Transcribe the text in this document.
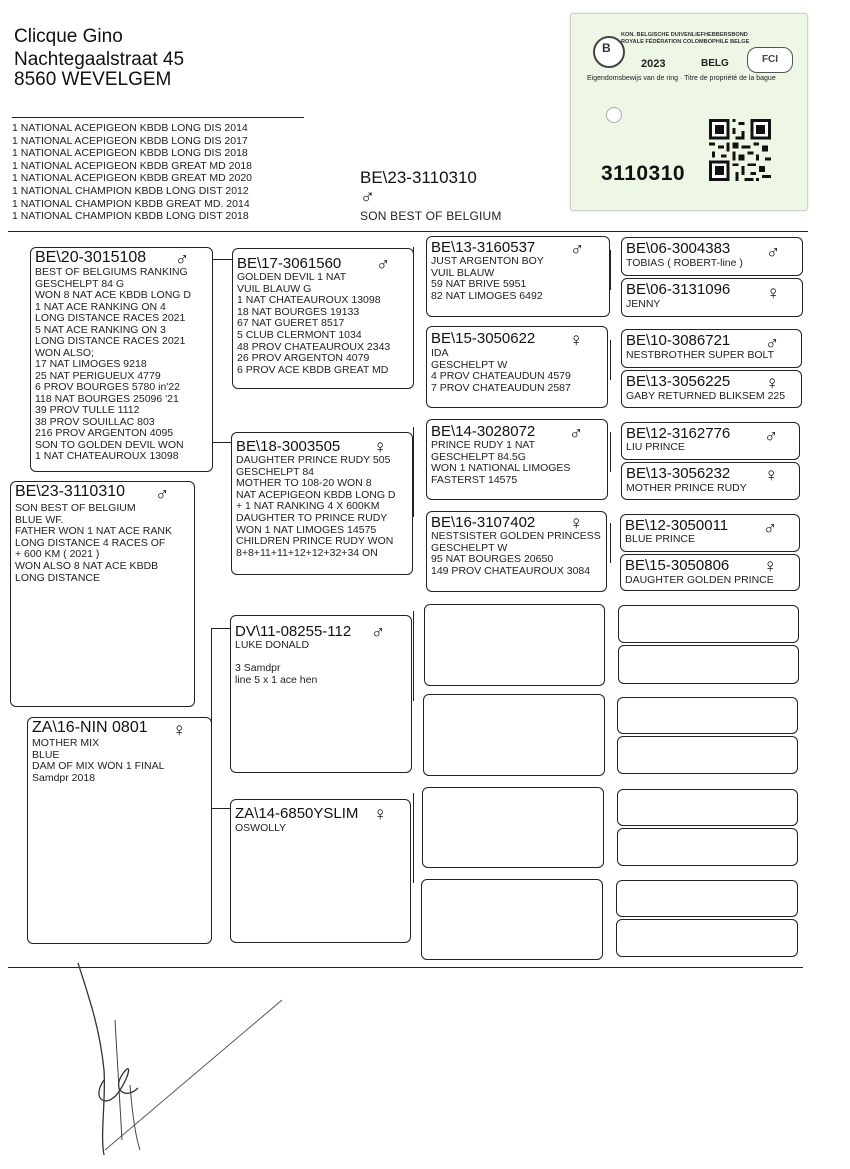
Clicque Gino
Nachtegaalstraat 45
8560 WEVELGEM
1 NATIONAL ACEPIGEON KBDB LONG DIS 2014
1 NATIONAL ACEPIGEON KBDB LONG DIS 2017
1 NATIONAL ACEPIGEON KBDB LONG DIS 2018
1 NATIONAL ACEPIGEON KBDB GREAT MD 2018
1 NATIONAL ACEPIGEON KBDB GREAT MD 2020
1 NATIONAL CHAMPION KBDB LONG DIST 2012
1 NATIONAL CHAMPION KBDB GREAT MD. 2014
1 NATIONAL CHAMPION KBDB LONG DIST 2018
BE\23-3110310
♂
SON BEST OF BELGIUM
B
KON. BELGISCHE DUIVENLIEFHEBBERSBOND
ROYALE FÉDÉRATION COLOMBOPHILE BELGE
2023	BELG	FCI
Eigendomsbewijs van de ring · Titre de propriété de la bague
3110310
BE\23-3110310 ♂
SON BEST OF BELGIUM
BLUE WF.
FATHER WON 1 NAT ACE RANK
LONG DISTANCE 4 RACES OF
+ 600 KM ( 2021 )
WON ALSO 8 NAT ACE KBDB
LONG DISTANCE
BE\20-3015108 ♂
BEST OF BELGIUMS RANKING
GESCHELPT 84 G
WON 8 NAT ACE KBDB LONG D
1 NAT ACE RANKING ON 4
LONG DISTANCE RACES 2021
5 NAT ACE RANKING ON 3
LONG DISTANCE RACES 2021
WON ALSO;
17 NAT LIMOGES 9218
25 NAT PERIGUEUX 4779
6 PROV BOURGES 5780 in'22
118 NAT BOURGES 25096 '21
39 PROV TULLE 1112
38 PROV SOUILLAC 803
216 PROV ARGENTON 4095
SON TO GOLDEN DEVIL WON
1 NAT CHATEAUROUX 13098
ZA\16-NIN 0801 ♀
MOTHER MIX
BLUE
DAM OF MIX WON 1 FINAL
Samdpr 2018
BE\17-3061560 ♂
GOLDEN DEVIL 1 NAT
VUIL BLAUW G
1 NAT CHATEAUROUX 13098
18 NAT BOURGES 19133
67 NAT GUERET 8517
5 CLUB CLERMONT 1034
48 PROV CHATEAUROUX 2343
26 PROV ARGENTON 4079
6 PROV ACE KBDB GREAT MD
BE\18-3003505 ♀
DAUGHTER PRINCE RUDY 505
GESCHELPT 84
MOTHER TO 108-20 WON 8
NAT ACEPIGEON KBDB LONG D
+ 1 NAT RANKING 4 X 600KM
DAUGHTER TO PRINCE RUDY
WON 1 NAT LIMOGES 14575
CHILDREN PRINCE RUDY WON
8+8+11+11+12+12+32+34 ON
DV\11-08255-112 ♂
LUKE DONALD
3 Samdpr
line 5 x 1 ace hen
ZA\14-6850YSLIM ♀
OSWOLLY
BE\13-3160537 ♂
JUST ARGENTON BOY
VUIL BLAUW
59 NAT BRIVE 5951
82 NAT LIMOGES 6492
BE\15-3050622 ♀
IDA
GESCHELPT W
4 PROV CHATEAUDUN 4579
7 PROV CHATEAUDUN 2587
BE\14-3028072 ♂
PRINCE RUDY 1 NAT
GESCHELPT 84.5G
WON 1 NATIONAL LIMOGES
FASTERST 14575
BE\16-3107402 ♀
NESTSISTER GOLDEN PRINCESS
GESCHELPT W
95 NAT BOURGES 20650
149 PROV CHATEAUROUX 3084
BE\06-3004383 ♂
TOBIAS ( ROBERT-line )
BE\06-3131096 ♀
JENNY
BE\10-3086721 ♂
NESTBROTHER SUPER BOLT
BE\13-3056225 ♀
GABY RETURNED BLIKSEM 225
BE\12-3162776 ♂
LIU PRINCE
BE\13-3056232 ♀
MOTHER PRINCE RUDY
BE\12-3050011 ♂
BLUE PRINCE
BE\15-3050806 ♀
DAUGHTER GOLDEN PRINCE
